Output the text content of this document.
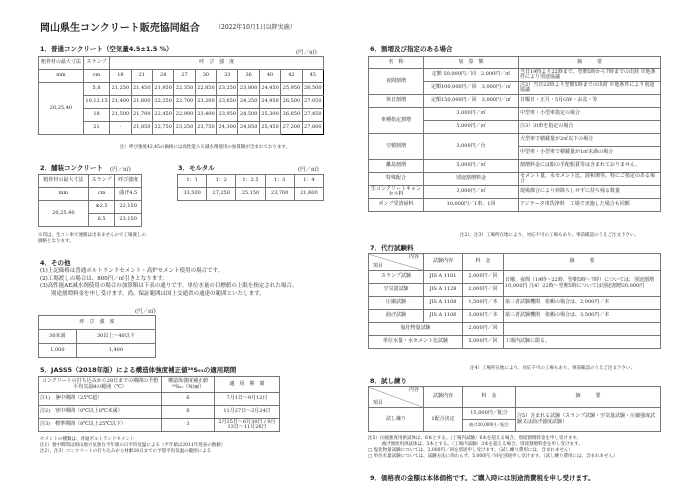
岡山県生コンクリート販売協同組合	（2022年10月1日以降実施）
1．普通コンクリート（空気量4.5±1.5 %）	(円／㎥)
粗骨材の最大寸法	スランプ	呼　び　強　度									
mm	cm	18	21	24	27	30	33	36	40	42	45
20,25,40	5,8	21,250	21,450	21,950	22,350	22,850	23,250	23,800	24,450	25,950	26,500
	10,12,15	21,400	21,600	22,250	22,700	23,200	23,650	24,250	24,950	26,500	27,050
	18	21,500	21,700	22,450	22,900	23,400	23,950	24,500	25,300	26,850	27,450
	21	-	21,850	22,750	23,250	23,750	24,300	24,850	25,450	27,200	27,800
注）呼び強度42,45の価格には高性能ＡＥ減水剤使用の加算額が含まれております。
2．舗装コンクリート (円／㎥)
粗骨材の最大寸法	スランプ	呼び強度
mm	cm	曲げ4.5
20,25,40	※2.5	22,150
	6.5	23,150
※印は、生コン車で運搬は出来ませんので工場渡しの価格となります。
3．モルタル	(円／㎥)
1：1	1：2	1：2.5	1：3	1：4
33,500	27,250	25,150	23,700	21,600
4．その他
(1)上記価格は普通ポルトランドセメント・高炉セメント使用の場合です。
(2)工場渡しの場合は、800円／㎥引きとなります。
(3)高性能AE減水剤使用の場合の加算額は下表の通りです。単位水量の目標値の上限を指定された場合、
　　別途割増料金を申し受けます。尚、保証範囲は国土交通省の通達の範囲といたします。
(円／㎥)
呼　び　強　度	
30未満	30以上～40以下
1,000	1,400
5．JASS5（2018年版）による構造体強度補正値²⁸S₉₁の適用期間
コンクリートの打ち込みから28日までの期間の予想平均気温θの範囲（℃）	構造体強度補正値 ²⁸S₉₁（N/㎟）	適　用　期　間
注1)　暑中期間（25℃超）	6	7月1日～9月12日
注2)　寒中期間（0℃以上8℃未満）	6	11月27日～2月24日
注3)　標準期間（8℃以上25℃以下）	3	2月25日～6月30日 / 9月13日～11月26日
セメントの種類は、普通ポルトランドセメント
注1）暑中期間は岡山地方気象台平年値の日平均気温による（平年値は2011年発表の数値）
注2）、注3）コンクリートの打ち込みから材齢28日までの予想平均気温の範囲による
6．割増及び指定のある場合
名　称	加　算　額	摘　　　要
夜間割増	定額 50,000円／回　2,000円／㎥	当日19時より22時まで、翌朝5時から7時までの出荷 ※他条件により別途協議
	定額100,000円／回　3,000円／㎥	注2）当日22時より翌朝5時までの出荷 ※他条件により別途協議
休日割増	定額150,000円／回　3,000円／㎥	日曜日・正月・5月GW・お盆・等
車種指定割増	3,000円／㎥	中型車・小型車指定の場合
	5,000円／㎥	注3）3t車を指定の場合
空積割増	3,000円／台	大型車で積載量が2㎥以下の場合
		中型車・小型車で積載量が1㎥未満の場合
離島割増	5,000円／㎥	割増料金には船の手配船賃等は含まれておりません。
特殊配合	別途割増料金	セメント量、水セメント比、混和剤等、特にご指定のある場合
生コンクリートキャンセル料	3,000円／㎥	現場都合により荷降ろしせずに持ち帰る数量
ポンプ受清掃料	10,000円／1車、1回	アジテータ車洗浄料　工場で実施した場合も同額
注2）、注3）工場所在地により、対応不可の工場もあり、事前確認のうえご注文下さい。
7．代行試験料
内容
項目	試験内容	料　金	摘　　　要
スランプ試験	JIS A 1101	2,000円／回	日曜、夜間（19時～22時、翌朝5時～7時）については、別途割増10,000円 注4）22時～翌朝5時については別途割増20,000円
空気量試験	JIS A 1128	2,000円／回	
圧縮試験	JIS A 1108	1,500円／本	第三者試験機関　依頼の場合は、2,000円／本
曲げ試験	JIS A 1106	3,000円／本	第三者試験機関　依頼の場合は、3,500円／本
塩化物量試験		2,000円／回	
単位水量・水セメント比試験		5,000円／回	工場内試験に限る。
注4）工場所在地により、対応不可の工場もあり、事前確認のうえご注文下さい。
8．試し練り
内容
項目	試験内容	料　金	摘　　　要
試し練り	1配合決定	15,000円／配合	注5）含まれる試験（スランプ試験・空気量試験・圧縮強度試験又は曲げ強度試験）
		曲げ20,000円／配合	
注5）圧縮強度用供試体は、6本とする。（工場内試験）6本を超える場合、別途割増料金を申し受けます。
　　　曲げ強度用供試体は、3本とする。（工場内試験）3本を超える場合、別途割増料金を申し受けます。
□ 塩化物量試験については、2,000円／回を別途申し受けます。（試し練り費用には、含まれません）
□ 単位水量試験については、試験方法に拘わらず、5,000円／回を別途申し受けます。（試し練り費用には、含まれません）
9．価格表の金額は本体価格です。ご購入時には別途消費税を申し受けます。
